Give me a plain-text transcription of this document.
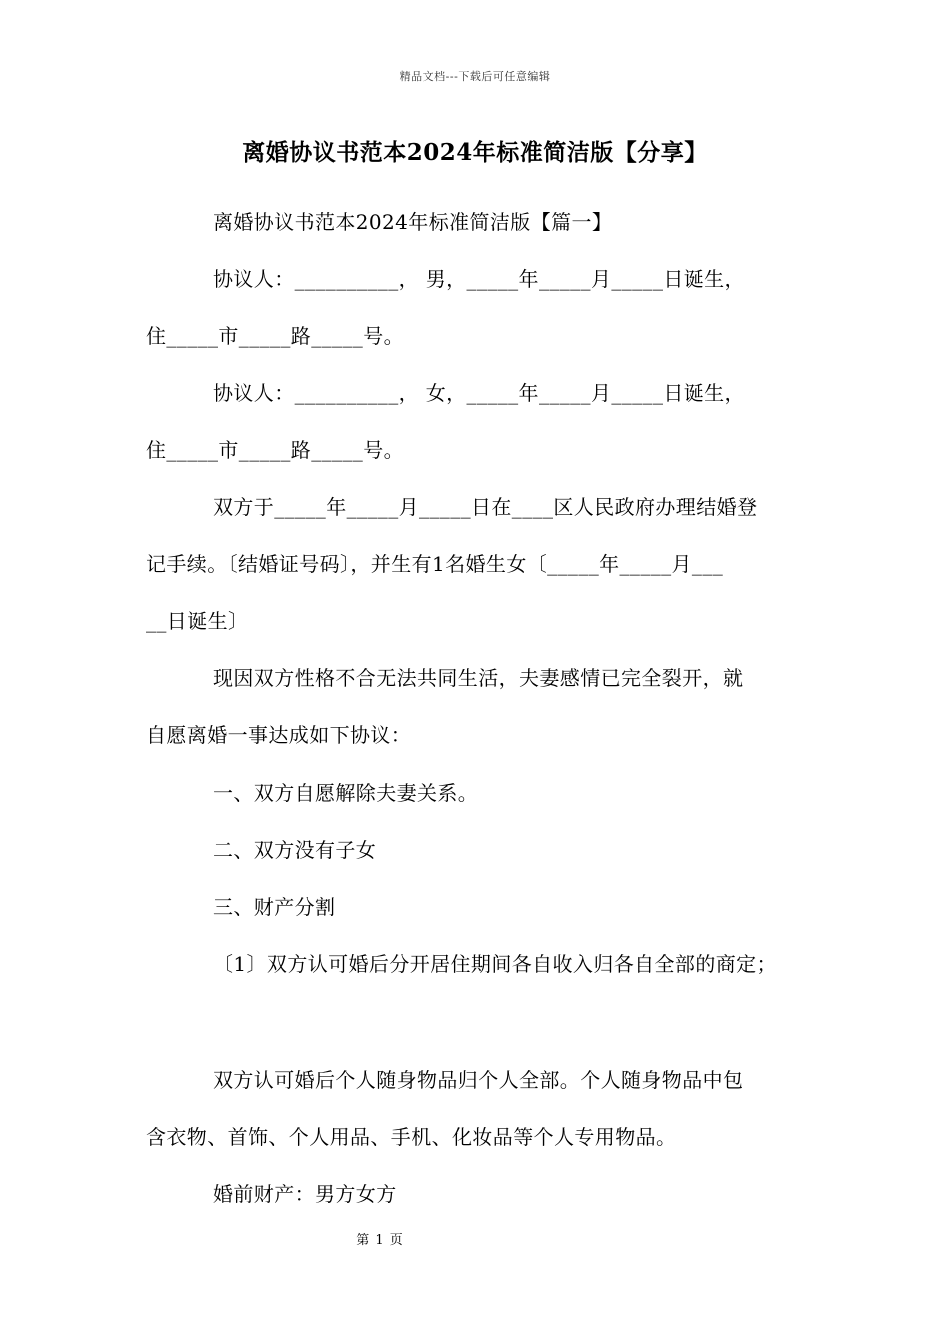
精品文档---下载后可任意编辑
离婚协议书范本2024年标准简洁版【分享】
离婚协议书范本2024年标准简洁版【篇一】
协议人：__________， 男，_____年_____月_____日诞生，
住_____市_____路_____号。
协议人：__________， 女，_____年_____月_____日诞生，
住_____市_____路_____号。
双方于_____年_____月_____日在____区人民政府办理结婚登
记手续。〔结婚证号码〕，并生有1名婚生女〔_____年_____月___
__日诞生〕
现因双方性格不合无法共同生活，夫妻感情已完全裂开，就
自愿离婚一事达成如下协议：
一、双方自愿解除夫妻关系。
二、双方没有子女
三、财产分割
〔1〕双方认可婚后分开居住期间各自收入归各自全部的商定；
双方认可婚后个人随身物品归个人全部。个人随身物品中包
含衣物、首饰、个人用品、手机、化妆品等个人专用物品。
婚前财产：男方女方
第 1 页
